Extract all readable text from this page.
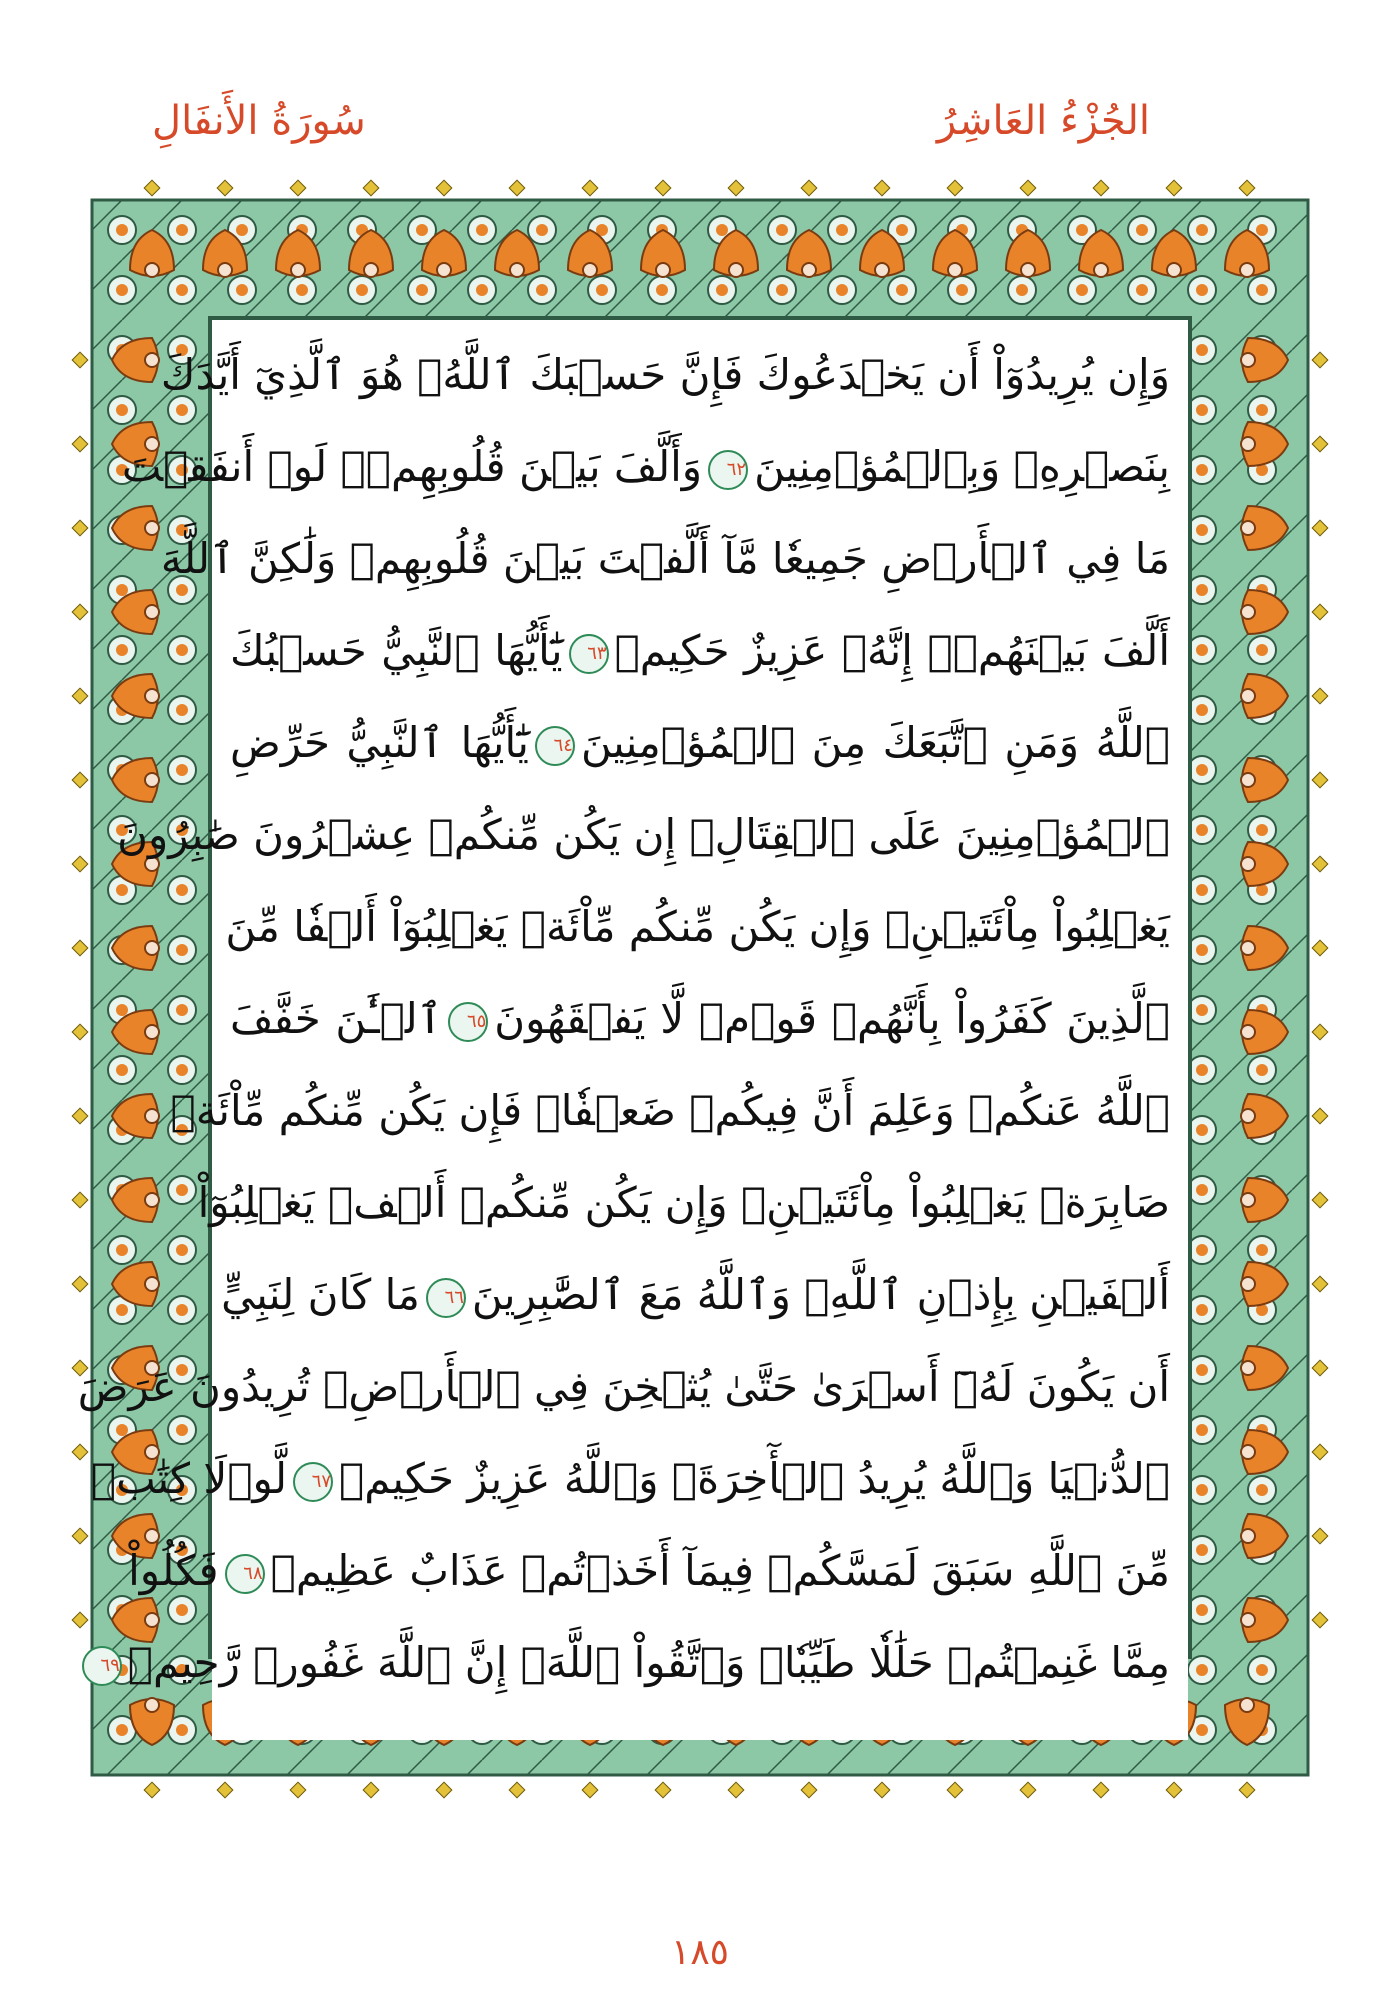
الجُزْءُ العَاشِرُ
سُورَةُ الأَنفَالِ
وَإِن يُرِيدُوٓاْ أَن يَخۡدَعُوكَ فَإِنَّ حَسۡبَكَ ٱللَّهُۚ هُوَ ٱلَّذِيٓ أَيَّدَكَ
بِنَصۡرِهِۦ وَبِٱلۡمُؤۡمِنِينَ٦٢وَأَلَّفَ بَيۡنَ قُلُوبِهِمۡۚ لَوۡ أَنفَقۡتَ
مَا فِي ٱلۡأَرۡضِ جَمِيعٗا مَّآ أَلَّفۡتَ بَيۡنَ قُلُوبِهِمۡ وَلَٰكِنَّ ٱللَّهَ
أَلَّفَ بَيۡنَهُمۡۚ إِنَّهُۥ عَزِيزٌ حَكِيمٞ٦٣يَٰٓأَيُّهَا ٱلنَّبِيُّ حَسۡبُكَ
ٱللَّهُ وَمَنِ ٱتَّبَعَكَ مِنَ ٱلۡمُؤۡمِنِينَ٦٤يَٰٓأَيُّهَا ٱلنَّبِيُّ حَرِّضِ
ٱلۡمُؤۡمِنِينَ عَلَى ٱلۡقِتَالِۚ إِن يَكُن مِّنكُمۡ عِشۡرُونَ صَٰبِرُونَ
يَغۡلِبُواْ مِاْئَتَيۡنِۚ وَإِن يَكُن مِّنكُم مِّاْئَةٞ يَغۡلِبُوٓاْ أَلۡفٗا مِّنَ
ٱلَّذِينَ كَفَرُواْ بِأَنَّهُمۡ قَوۡمٞ لَّا يَفۡقَهُونَ٦٥ٱلۡـَٰٔنَ خَفَّفَ
ٱللَّهُ عَنكُمۡ وَعَلِمَ أَنَّ فِيكُمۡ ضَعۡفٗاۚ فَإِن يَكُن مِّنكُم مِّاْئَةٞ
صَابِرَةٞ يَغۡلِبُواْ مِاْئَتَيۡنِۚ وَإِن يَكُن مِّنكُمۡ أَلۡفٞ يَغۡلِبُوٓاْ
أَلۡفَيۡنِ بِإِذۡنِ ٱللَّهِۗ وَٱللَّهُ مَعَ ٱلصَّٰبِرِينَ٦٦مَا كَانَ لِنَبِيٍّ
أَن يَكُونَ لَهُۥٓ أَسۡرَىٰ حَتَّىٰ يُثۡخِنَ فِي ٱلۡأَرۡضِۚ تُرِيدُونَ عَرَضَ
ٱلدُّنۡيَا وَٱللَّهُ يُرِيدُ ٱلۡأٓخِرَةَۗ وَٱللَّهُ عَزِيزٌ حَكِيمٞ٦٧لَّوۡلَا كِتَٰبٞ
مِّنَ ٱللَّهِ سَبَقَ لَمَسَّكُمۡ فِيمَآ أَخَذۡتُمۡ عَذَابٌ عَظِيمٞ٦٨فَكُلُواْ
مِمَّا غَنِمۡتُمۡ حَلَٰلٗا طَيِّبٗاۚ وَٱتَّقُواْ ٱللَّهَۚ إِنَّ ٱللَّهَ غَفُورٞ رَّحِيمٞ٦٩
١٨٥
